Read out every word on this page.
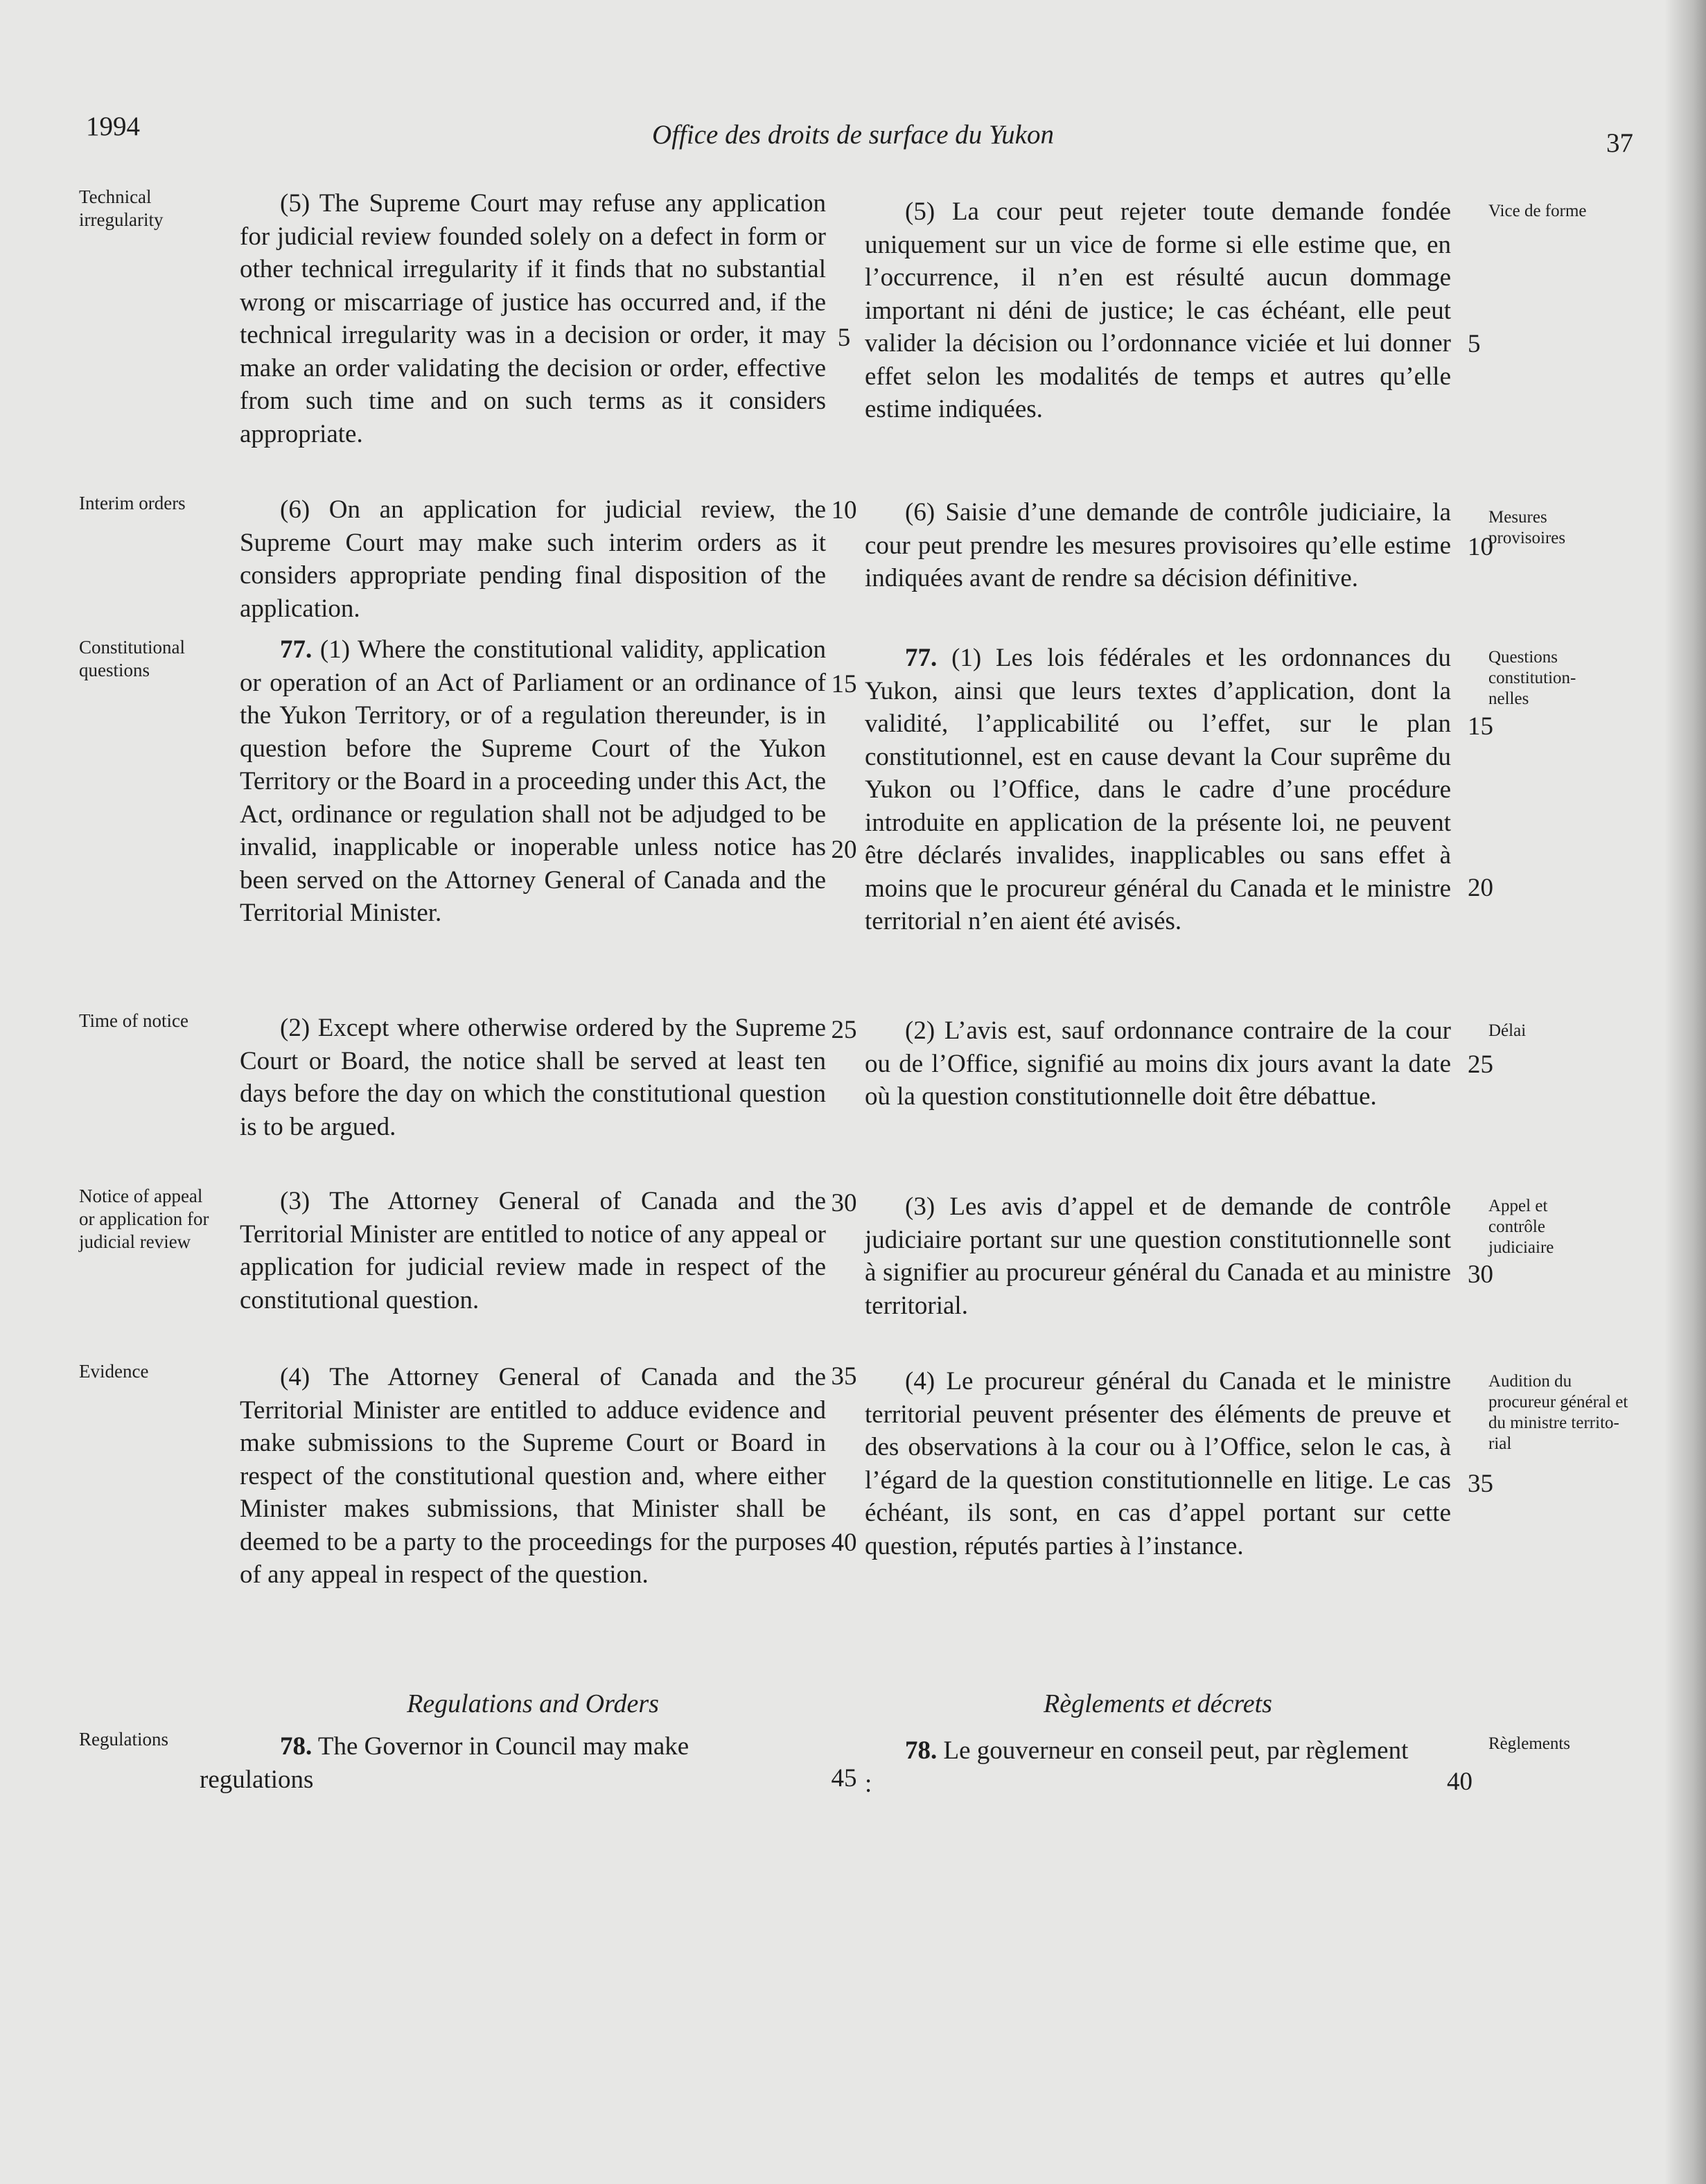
1994	Office des droits de surface du Yukon	37
Technical irregularity
Interim orders
Constitutional questions
Time of notice
Notice of appeal or application for judicial review
Evidence
Regulations
Vice de forme
Mesures provisoires
Questions constitution-nelles
Délai
Appel et contrôle judiciaire
Audition du procureur général et du ministre territo-rial
Règlements

(5) The Supreme Court may refuse any application for judicial review founded solely on a defect in form or other technical irregularity if it finds that no substantial wrong or miscarriage of justice has occurred and, if the technical irregularity was in a decision or order, it may make an order validating the decision or order, effective from such time and on such terms as it considers appropriate.

(6) On an application for judicial review, the Supreme Court may make such interim orders as it considers appropriate pending final disposition of the application.

77. (1) Where the constitutional validity, application or operation of an Act of Parliament or an ordinance of the Yukon Territory, or of a regulation thereunder, is in question before the Supreme Court of the Yukon Territory or the Board in a proceeding under this Act, the Act, ordinance or regulation shall not be adjudged to be invalid, inapplicable or inoperable unless notice has been served on the Attorney General of Canada and the Territorial Minister.

(2) Except where otherwise ordered by the Supreme Court or Board, the notice shall be served at least ten days before the day on which the constitutional question is to be argued.

(3) The Attorney General of Canada and the Territorial Minister are entitled to notice of any appeal or application for judicial review made in respect of the constitutional question.

(4) The Attorney General of Canada and the Territorial Minister are entitled to adduce evidence and make submissions to the Supreme Court or Board in respect of the constitutional question and, where either Minister makes submissions, that Minister shall be deemed to be a party to the proceedings for the purposes of any appeal in respect of the question.

Regulations and Orders

78. The Governor in Council may make
regulations

(5) La cour peut rejeter toute demande fondée uniquement sur un vice de forme si elle estime que, en l’occurrence, il n’en est résulté aucun dommage important ni déni de justice; le cas échéant, elle peut valider la décision ou l’ordonnance viciée et lui donner effet selon les modalités de temps et autres qu’elle estime indiquées.

(6) Saisie d’une demande de contrôle judiciaire, la cour peut prendre les mesures provisoires qu’elle estime indiquées avant de rendre sa décision définitive.

77. (1) Les lois fédérales et les ordonnances du Yukon, ainsi que leurs textes d’application, dont la validité, l’applicabilité ou l’effet, sur le plan constitutionnel, est en cause devant la Cour suprême du Yukon ou l’Office, dans le cadre d’une procédure introduite en application de la présente loi, ne peuvent être déclarés invalides, inapplicables ou sans effet à moins que le procureur général du Canada et le ministre territorial n’en aient été avisés.

(2) L’avis est, sauf ordonnance contraire de la cour ou de l’Office, signifié au moins dix jours avant la date où la question constitutionnelle doit être débattue.

(3) Les avis d’appel et de demande de contrôle judiciaire portant sur une question constitutionnelle sont à signifier au procureur général du Canada et au ministre territorial.

(4) Le procureur général du Canada et le ministre territorial peuvent présenter des éléments de preuve et des observations à la cour ou à l’Office, selon le cas, à l’égard de la question constitutionnelle en litige. Le cas échéant, ils sont, en cas d’appel portant sur cette question, réputés parties à l’instance.

Règlements et décrets

78. Le gouverneur en conseil peut, par règlement :

5
10
15
20
25
30
35
40
45
5
10
15
20
25
30
35
40
